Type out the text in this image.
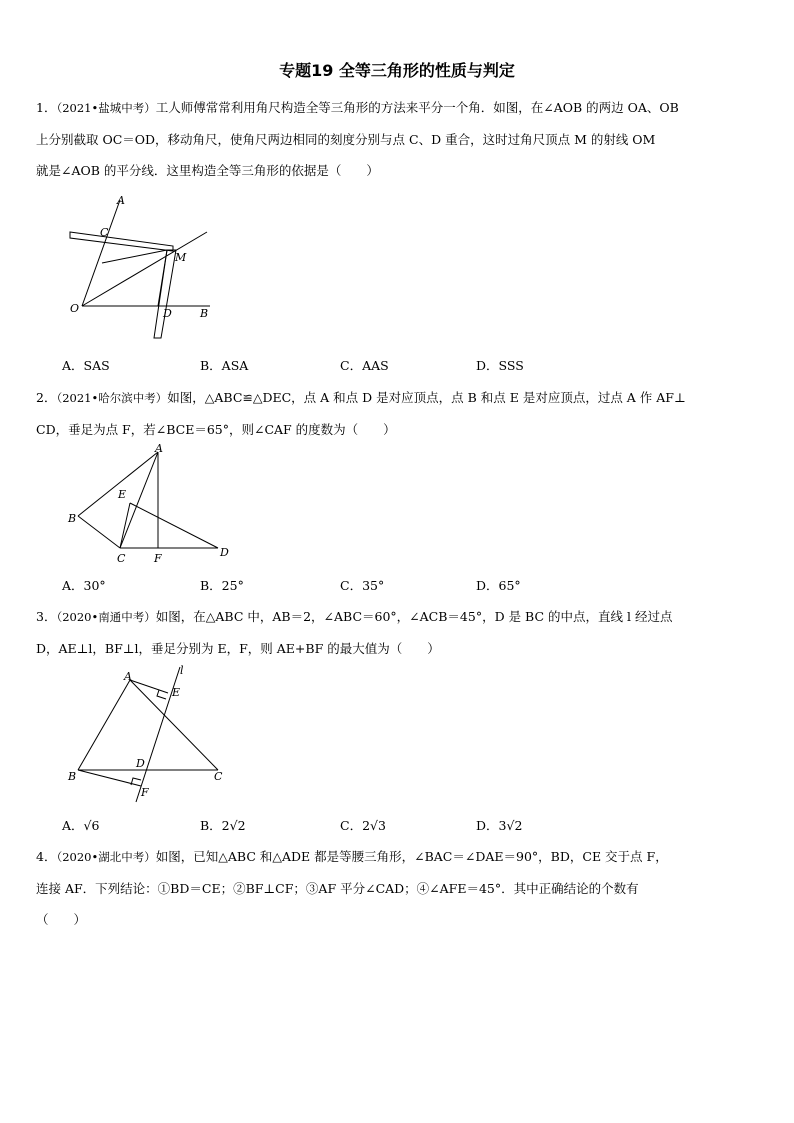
专题19 全等三角形的性质与判定
1．（2021•盐城中考）工人师傅常常利用角尺构造全等三角形的方法来平分一个角．如图，在∠AOB 的两边 OA、OB
上分别截取 OC＝OD，移动角尺，使角尺两边相同的刻度分别与点 C、D 重合，这时过角尺顶点 M 的射线 OM
就是∠AOB 的平分线．这里构造全等三角形的依据是（　　）
A
C
M
O	D	B
A．SAS	B．ASA	C．AAS	D．SSS
2．（2021•哈尔滨中考）如图，△ABC≌△DEC，点 A 和点 D 是对应顶点，点 B 和点 E 是对应顶点，过点 A 作 AF⊥
CD，垂足为点 F，若∠BCE＝65°，则∠CAF 的度数为（　　）
A
E
B
C	F	D
A．30°	B．25°	C．35°	D．65°
3．（2020•南通中考）如图，在△ABC 中，AB＝2，∠ABC＝60°，∠ACB＝45°，D 是 BC 的中点，直线 l 经过点
D，AE⊥l，BF⊥l，垂足分别为 E，F，则 AE+BF 的最大值为（　　）
l
A
E
D
B	C
F
A．√6	B．2√2	C．2√3	D．3√2
4．（2020•湖北中考）如图，已知△ABC 和△ADE 都是等腰三角形，∠BAC＝∠DAE＝90°，BD，CE 交于点 F，
连接 AF．下列结论：①BD＝CE；②BF⊥CF；③AF 平分∠CAD；④∠AFE＝45°．其中正确结论的个数有
（　　）
